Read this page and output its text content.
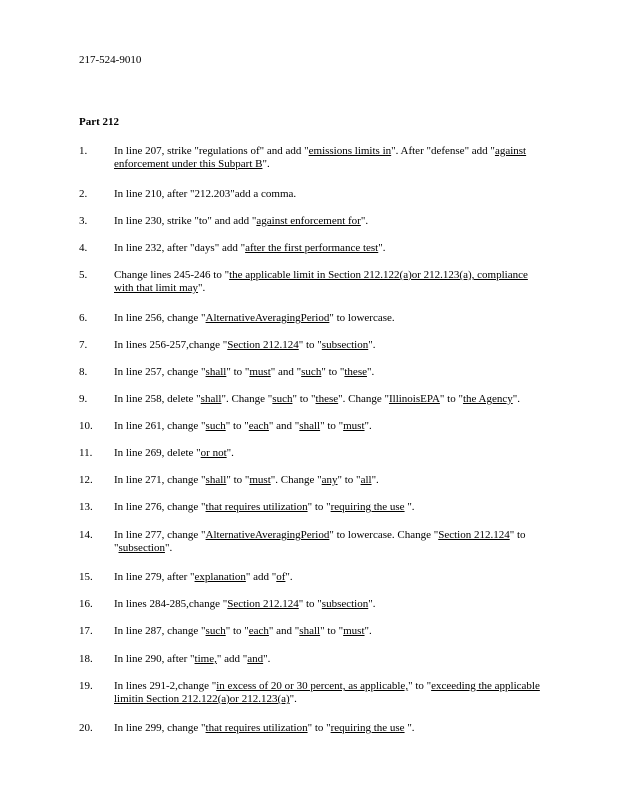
217-524-9010
Part 212
1.	In line 207, strike "regulations of" and add "emissions limits in". After "defense" add "against enforcement under this Subpart B".
2.	In line 210, after "212.203"add a comma.
3.	In line 230, strike "to" and add "against enforcement for".
4.	In line 232, after "days" add "after the first performance test".
5.	Change lines 245-246 to "the applicable limit in Section 212.122(a)or 212.123(a), compliance with that limit may".
6.	In line 256, change "AlternativeAveragingPeriod" to lowercase.
7.	In lines 256-257,change "Section 212.124" to "subsection".
8.	In line 257, change "shall" to "must" and "such" to "these".
9.	In line 258, delete "shall". Change "such" to "these". Change "IllinoisEPA" to "the Agency".
10.	In line 261, change "such" to "each" and "shall" to "must".
11.	In line 269, delete "or not".
12.	In line 271, change "shall" to "must". Change "any" to "all".
13.	In line 276, change "that requires utilization" to "requiring the use ".
14.	In line 277, change "AlternativeAveragingPeriod" to lowercase. Change "Section 212.124" to "subsection".
15.	In line 279, after "explanation" add "of".
16.	In lines 284-285,change "Section 212.124" to "subsection".
17.	In line 287, change "such" to "each" and "shall" to "must".
18.	In line 290, after "time," add "and".
19.	In lines 291-2,change "in excess of 20 or 30 percent, as applicable," to "exceeding the applicable limitin Section 212.122(a)or 212.123(a)".
20.	In line 299, change "that requires utilization" to "requiring the use ".
